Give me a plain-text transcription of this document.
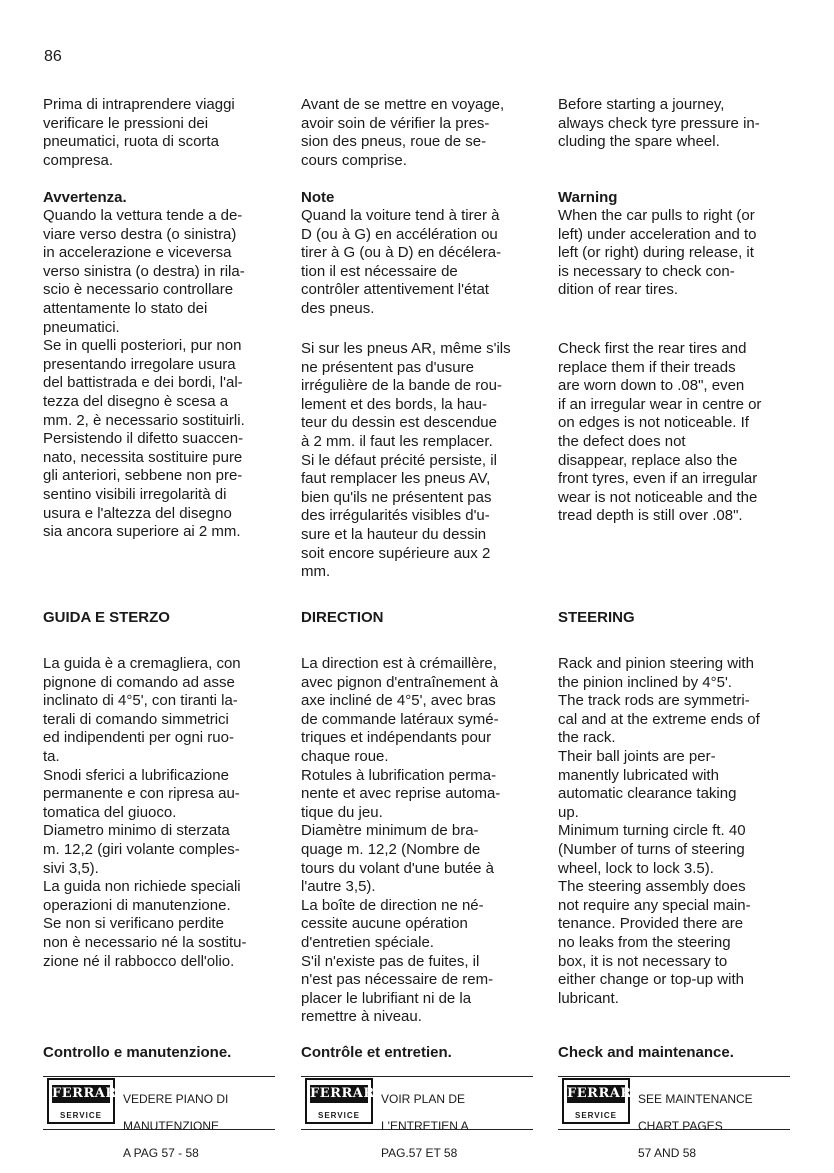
86

Prima di intraprendere viaggi

verificare le pressioni dei

pneumatici, ruota di scorta

compresa.

Avvertenza.

Quando la vettura tende a de-

viare verso destra (o sinistra)

in accelerazione e viceversa

verso sinistra (o destra) in rila-

scio è necessario controllare

attentamente lo stato dei

pneumatici.

Se in quelli posteriori, pur non

presentando irregolare usura

del battistrada e dei bordi, l'al-

tezza del disegno è scesa a

mm. 2, è necessario sostituirli.

Persistendo il difetto suaccen-

nato, necessita sostituire pure

gli anteriori, sebbene non pre-

sentino visibili irregolarità di

usura e l'altezza del disegno

sia ancora superiore ai 2 mm.

GUIDA E STERZO

La guida è a cremagliera, con

pignone di comando ad asse

inclinato di 4°5', con tiranti la-

terali di comando simmetrici

ed indipendenti per ogni ruo-

ta.

Snodi sferici a lubrificazione

permanente e con ripresa au-

tomatica del giuoco.

Diametro minimo di sterzata

m. 12,2 (giri volante comples-

sivi 3,5).

La guida non richiede speciali

operazioni di manutenzione.

Se non si verificano perdite

non è necessario né la sostitu-

zione né il rabbocco dell'olio.

Controllo e manutenzione.
FERRARI
SERVICE

VEDERE PIANO DI

MANUTENZIONE

A PAG 57 - 58

Avant de se mettre en voyage,

avoir soin de vérifier la pres-

sion des pneus, roue de se-

cours comprise.

Note

Quand la voiture tend à tirer à

D (ou à G) en accélération ou

tirer à G (ou à D) en décélera-

tion il est nécessaire de

contrôler attentivement l'état

des pneus.

Si sur les pneus AR, même s'ils

ne présentent pas d'usure

irrégulière de la bande de rou-

lement et des bords, la hau-

teur du dessin est descendue

à 2 mm. il faut les remplacer.

Si le défaut précité persiste, il

faut remplacer les pneus AV,

bien qu'ils ne présentent pas

des irrégularités visibles d'u-

sure et la hauteur du dessin

soit encore supérieure aux 2

mm.

DIRECTION

La direction est à crémaillère,

avec pignon d'entraînement à

axe incliné de 4°5', avec bras

de commande latéraux symé-

triques et indépendants pour

chaque roue.

Rotules à lubrification perma-

nente et avec reprise automa-

tique du jeu.

Diamètre minimum de bra-

quage m. 12,2 (Nombre de

tours du volant d'une butée à

l'autre 3,5).

La boîte de direction ne né-

cessite aucune opération

d'entretien spéciale.

S'il n'existe pas de fuites, il

n'est pas nécessaire de rem-

placer le lubrifiant ni de la

remettre à niveau.

Contrôle et entretien.
FERRARI
SERVICE

VOIR PLAN DE

L'ENTRETIEN A

PAG.57 ET 58

Before starting a journey,

always check tyre pressure in-

cluding the spare wheel.

Warning

When the car pulls to right (or

left) under acceleration and to

left (or right) during release, it

is necessary to check con-

dition of rear tires.

Check first the rear tires and

replace them if their treads

are worn down to .08", even

if an irregular wear in centre or

on edges is not noticeable. If

the defect does not

disappear, replace also the

front tyres, even if an irregular

wear is not noticeable and the

tread depth is still over .08".

STEERING

Rack and pinion steering with

the pinion inclined by 4°5'.

The track rods are symmetri-

cal and at the extreme ends of

the rack.

Their ball joints are per-

manently lubricated with

automatic clearance taking

up.

Minimum turning circle ft. 40

(Number of turns of steering

wheel, lock to lock 3.5).

The steering assembly does

not require any special main-

tenance. Provided there are

no leaks from the steering

box, it is not necessary to

either change or top-up with

lubricant.

Check and maintenance.
FERRARI
SERVICE

SEE MAINTENANCE

CHART PAGES

57 AND 58
